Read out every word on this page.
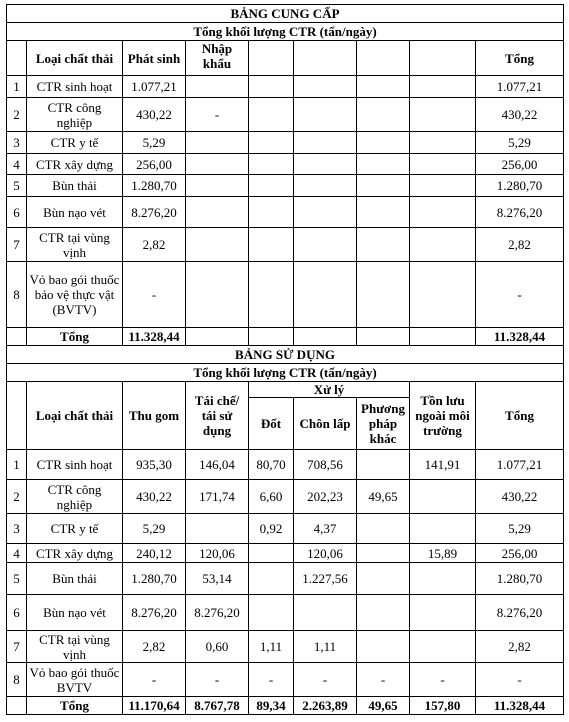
BẢNG CUNG CẤP								
Tổng khối lượng CTR (tấn/ngày)								
	Loại chất thải	Phát sinh	Nhập khẩu					Tổng
1	CTR sinh hoạt	1.077,21						1.077,21
2	CTR công nghiệp	430,22	-					430,22
3	CTR y tế	5,29						5,29
4	CTR xây dựng	256,00						256,00
5	Bùn thải	1.280,70						1.280,70
6	Bùn nạo vét	8.276,20						8.276,20
7	CTR tại vùng vịnh	2,82						2,82
8	Vỏ bao gói thuốc bảo vệ thực vật (BVTV)	-						-
	Tổng	11.328,44						11.328,44
BẢNG SỬ DỤNG								
Tổng khối lượng CTR (tấn/ngày)								
	Loại chất thải	Thu gom	Tái chế/ tái sử dụng	Xử lý			Tồn lưu ngoài môi trường	Tổng
				Đốt	Chôn lấp	Phương pháp khác		
1	CTR sinh hoạt	935,30	146,04	80,70	708,56		141,91	1.077,21
2	CTR công nghiệp	430,22	171,74	6,60	202,23	49,65		430,22
3	CTR y tế	5,29		0,92	4,37			5,29
4	CTR xây dựng	240,12	120,06		120,06		15,89	256,00
5	Bùn thải	1.280,70	53,14		1.227,56			1.280,70
6	Bùn nạo vét	8.276,20	8.276,20					8.276,20
7	CTR tại vùng vịnh	2,82	0,60	1,11	1,11			2,82
8	Vỏ bao gói thuốc BVTV	-	-	-	-	-	-	-
	Tổng	11.170,64	8.767,78	89,34	2.263,89	49,65	157,80	11.328,44
